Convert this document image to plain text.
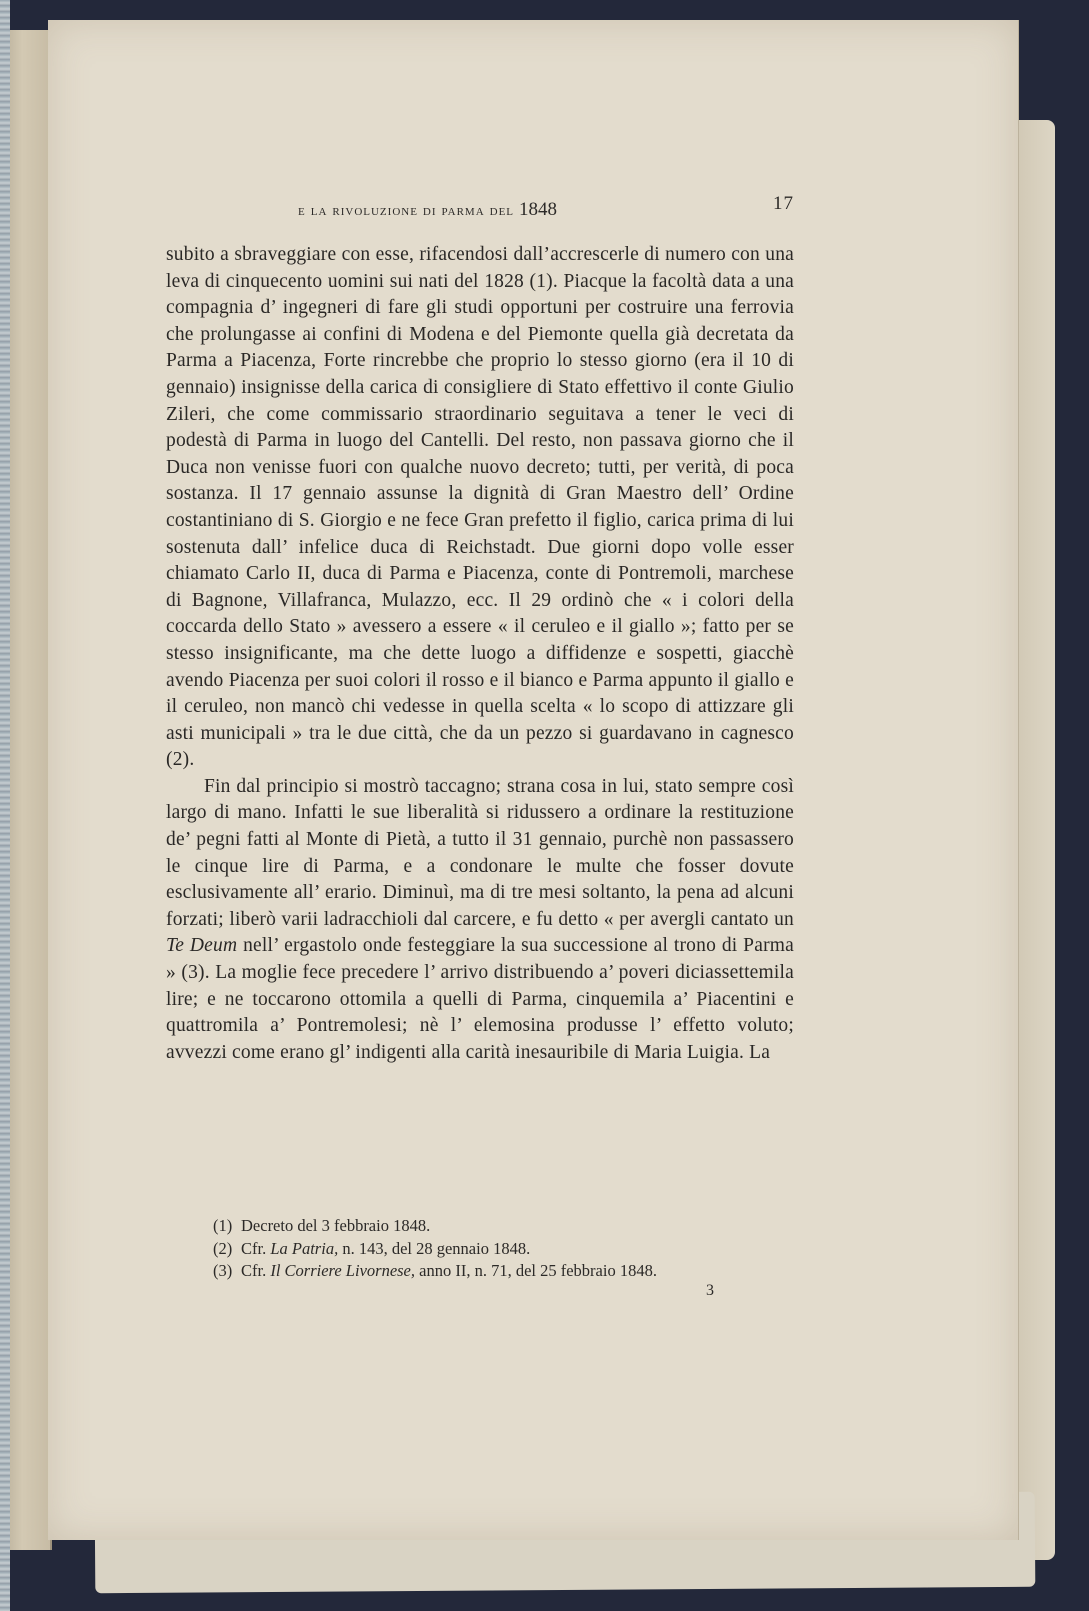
e la rivoluzione di parma del 1848	17

subito a sbraveggiare con esse, rifacendosi dall’accrescerle di numero con una leva di cinquecento uomini sui nati del 1828 (1). Piacque la facoltà data a una compagnia d’ ingegneri di fare gli studi opportuni per costruire una ferrovia che prolungasse ai confini di Modena e del Piemonte quella già decretata da Parma a Piacenza, Forte rincrebbe che proprio lo stesso giorno (era il 10 di gennaio) insignisse della carica di consigliere di Stato effettivo il conte Giulio Zileri, che come commissario straordinario seguitava a tener le veci di podestà di Parma in luogo del Cantelli. Del resto, non passava giorno che il Duca non venisse fuori con qualche nuovo decreto; tutti, per verità, di poca sostanza. Il 17 gennaio assunse la dignità di Gran Maestro dell’ Ordine costantiniano di S. Giorgio e ne fece Gran prefetto il figlio, carica prima di lui sostenuta dall’ infelice duca di Reichstadt. Due giorni dopo volle esser chiamato Carlo II, duca di Parma e Piacenza, conte di Pontremoli, marchese di Bagnone, Villafranca, Mulazzo, ecc. Il 29 ordinò che « i colori della coccarda dello Stato » avessero a essere « il ceruleo e il giallo »; fatto per se stesso insignificante, ma che dette luogo a diffidenze e sospetti, giacchè avendo Piacenza per suoi colori il rosso e il bianco e Parma appunto il giallo e il ceruleo, non mancò chi vedesse in quella scelta « lo scopo di attizzare gli asti municipali » tra le due città, che da un pezzo si guardavano in cagnesco (2).

Fin dal principio si mostrò taccagno; strana cosa in lui, stato sempre così largo di mano. Infatti le sue liberalità si ridussero a ordinare la restituzione de’ pegni fatti al Monte di Pietà, a tutto il 31 gennaio, purchè non passassero le cinque lire di Parma, e a condonare le multe che fosser dovute esclusivamente all’ erario. Diminuì, ma di tre mesi soltanto, la pena ad alcuni forzati; liberò varii ladracchioli dal carcere, e fu detto « per avergli cantato un Te Deum nell’ ergastolo onde festeggiare la sua successione al trono di Parma » (3). La moglie fece precedere l’ arrivo distribuendo a’ poveri diciassettemila lire; e ne toccarono ottomila a quelli di Parma, cinquemila a’ Piacentini e quattromila a’ Pontremolesi; nè l’ elemosina produsse l’ effetto voluto; avvezzi come erano gl’ indigenti alla carità inesauribile di Maria Luigia. La

(1) Decreto del 3 febbraio 1848.
(2) Cfr. La Patria, n. 143, del 28 gennaio 1848.
(3) Cfr. Il Corriere Livornese, anno II, n. 71, del 25 febbraio 1848.
3
